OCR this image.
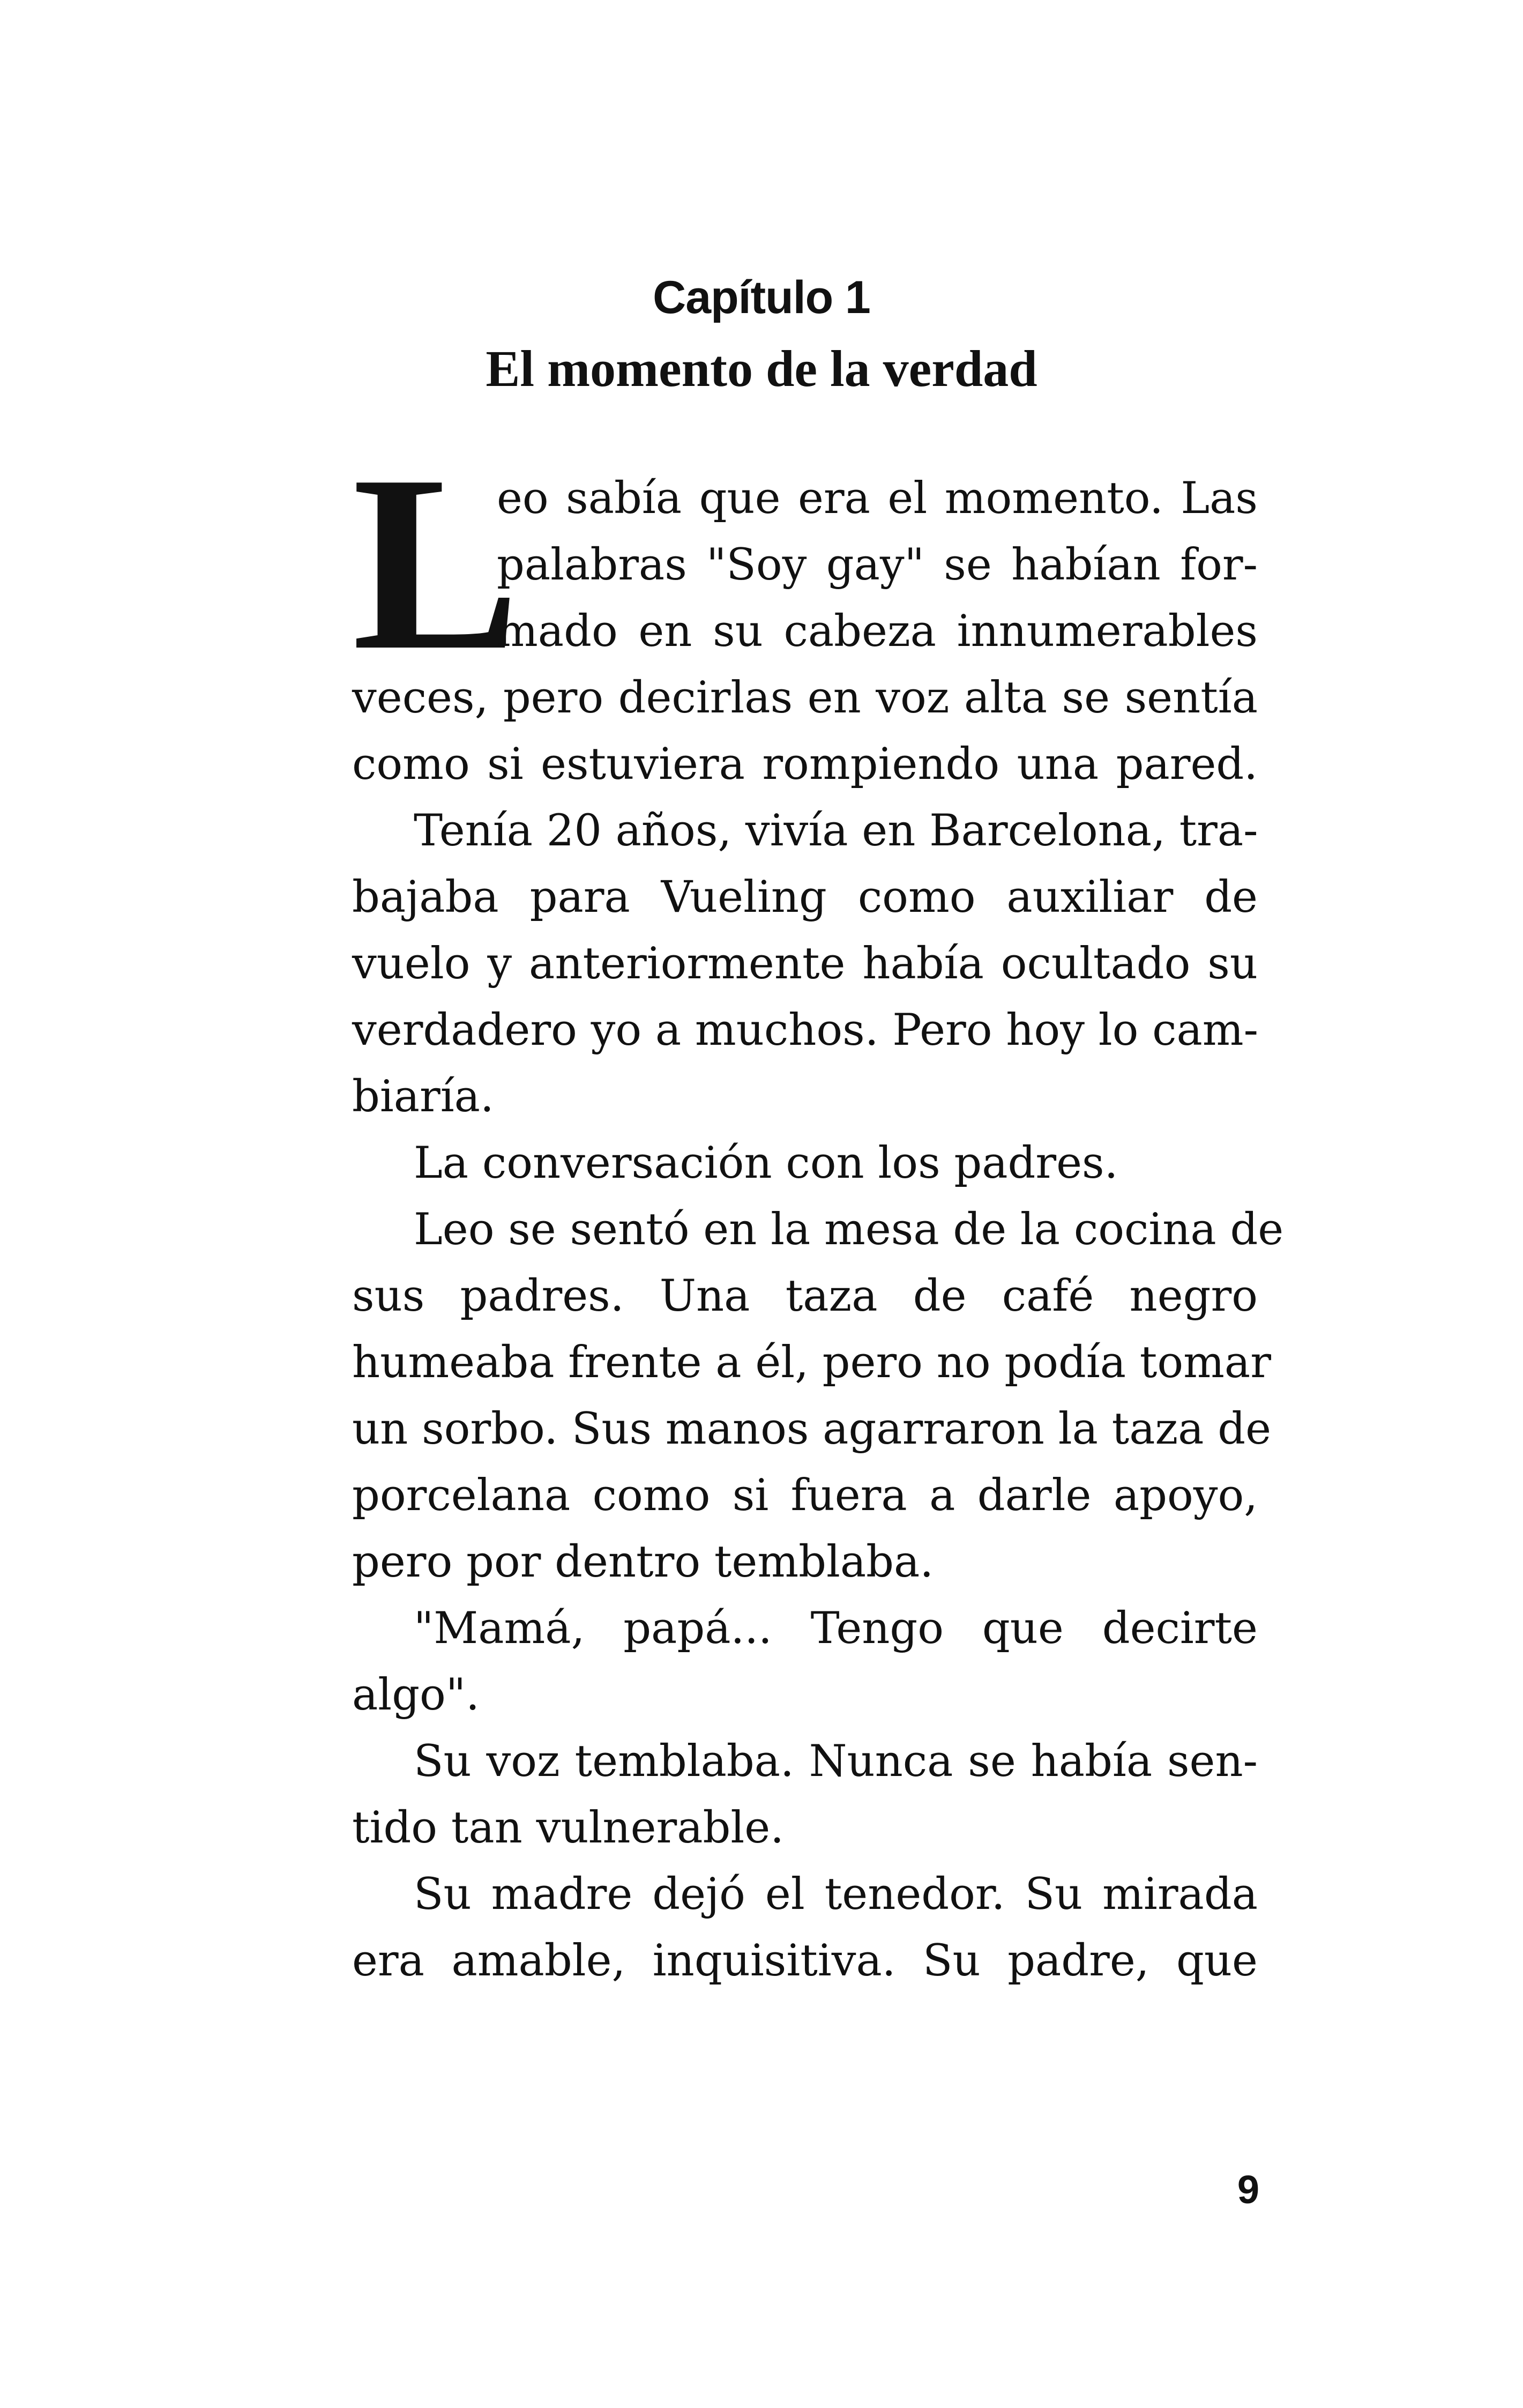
Capítulo 1
El momento de la verdad
L
eo sabía que era el momento. Las
palabras "Soy gay" se habían for-
mado en su cabeza innumerables
veces, pero decirlas en voz alta se sentía
como si estuviera rompiendo una pared.
Tenía 20 años, vivía en Barcelona, tra-
bajaba para Vueling como auxiliar de
vuelo y anteriormente había ocultado su
verdadero yo a muchos. Pero hoy lo cam-
biaría.
La conversación con los padres.
Leo se sentó en la mesa de la cocina de
sus padres. Una taza de café negro
humeaba frente a él, pero no podía tomar
un sorbo. Sus manos agarraron la taza de
porcelana como si fuera a darle apoyo,
pero por dentro temblaba.
"Mamá, papá... Tengo que decirte
algo".
Su voz temblaba. Nunca se había sen-
tido tan vulnerable.
Su madre dejó el tenedor. Su mirada
era amable, inquisitiva. Su padre, que
9
